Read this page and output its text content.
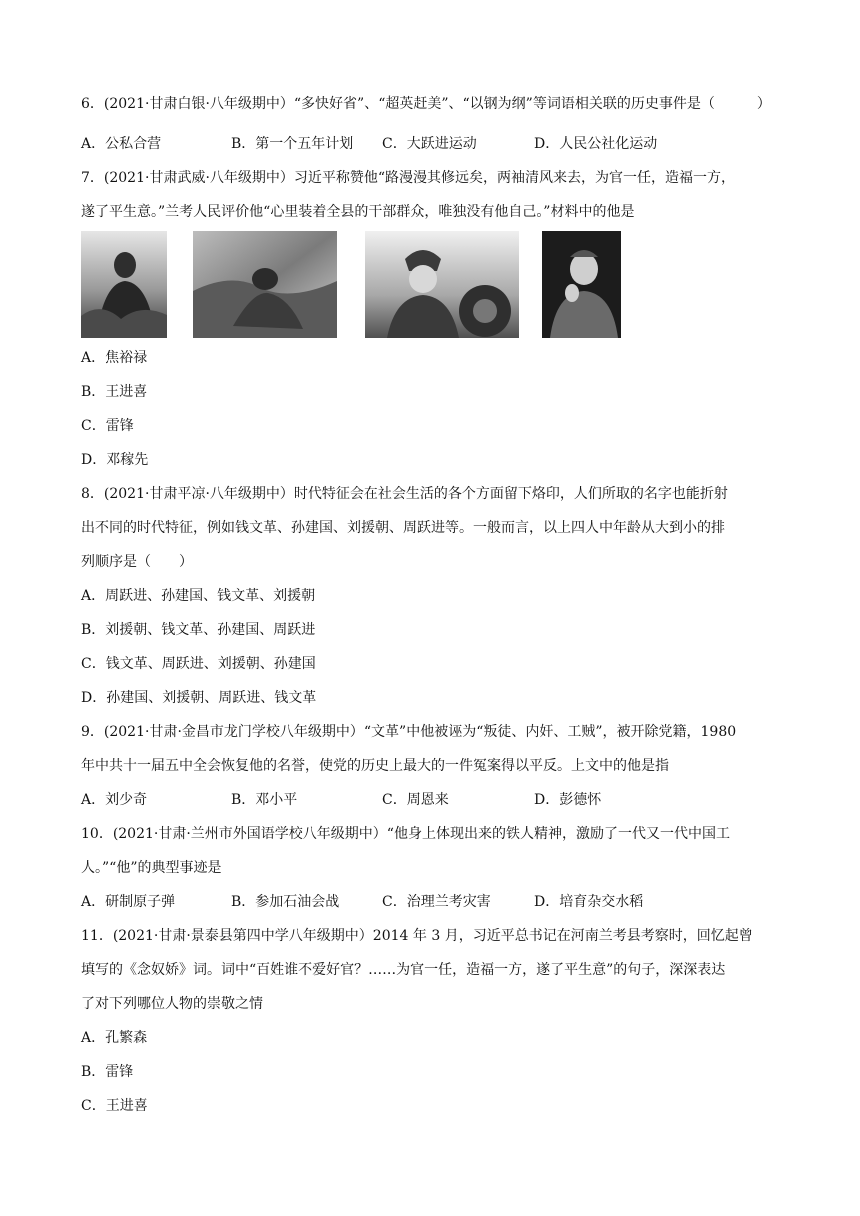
6．(2021·甘肃白银·八年级期中）“多快好省”、“超英赶美”、“以钢为纲”等词语相关联的历史事件是（　　　）
A．公私合营	B．第一个五年计划 C．大跃进运动	D．人民公社化运动
7．(2021·甘肃武威·八年级期中）习近平称赞他“路漫漫其修远矣，两袖清风来去，为官一任，造福一方，
遂了平生意。”兰考人民评价他“心里装着全县的干部群众，唯独没有他自己。”材料中的他是
A．焦裕禄
B．王进喜
C．雷锋
D．邓稼先
8．(2021·甘肃平凉·八年级期中）时代特征会在社会生活的各个方面留下烙印，人们所取的名字也能折射
出不同的时代特征，例如钱文革、孙建国、刘援朝、周跃进等。一般而言，以上四人中年龄从大到小的排
列顺序是（　　）
A．周跃进、孙建国、钱文革、刘援朝
B．刘援朝、钱文革、孙建国、周跃进
C．钱文革、周跃进、刘援朝、孙建国
D．孙建国、刘援朝、周跃进、钱文革
9．(2021·甘肃·金昌市龙门学校八年级期中）“文革”中他被诬为“叛徒、内奸、工贼”，被开除党籍，1980
年中共十一届五中全会恢复他的名誉，使党的历史上最大的一件冤案得以平反。上文中的他是指
A．刘少奇	B．邓小平	C．周恩来	D．彭德怀
10．(2021·甘肃·兰州市外国语学校八年级期中）“他身上体现出来的铁人精神，激励了一代又一代中国工
人。”“他”的典型事迹是
A．研制原子弹	B．参加石油会战	C．治理兰考灾害	D．培育杂交水稻
11．(2021·甘肃·景泰县第四中学八年级期中）2014 年 3 月，习近平总书记在河南兰考县考察时，回忆起曾
填写的《念奴娇》词。词中“百姓谁不爱好官？……为官一任，造福一方，遂了平生意”的句子，深深表达
了对下列哪位人物的崇敬之情
A．孔繁森
B．雷锋
C．王进喜
